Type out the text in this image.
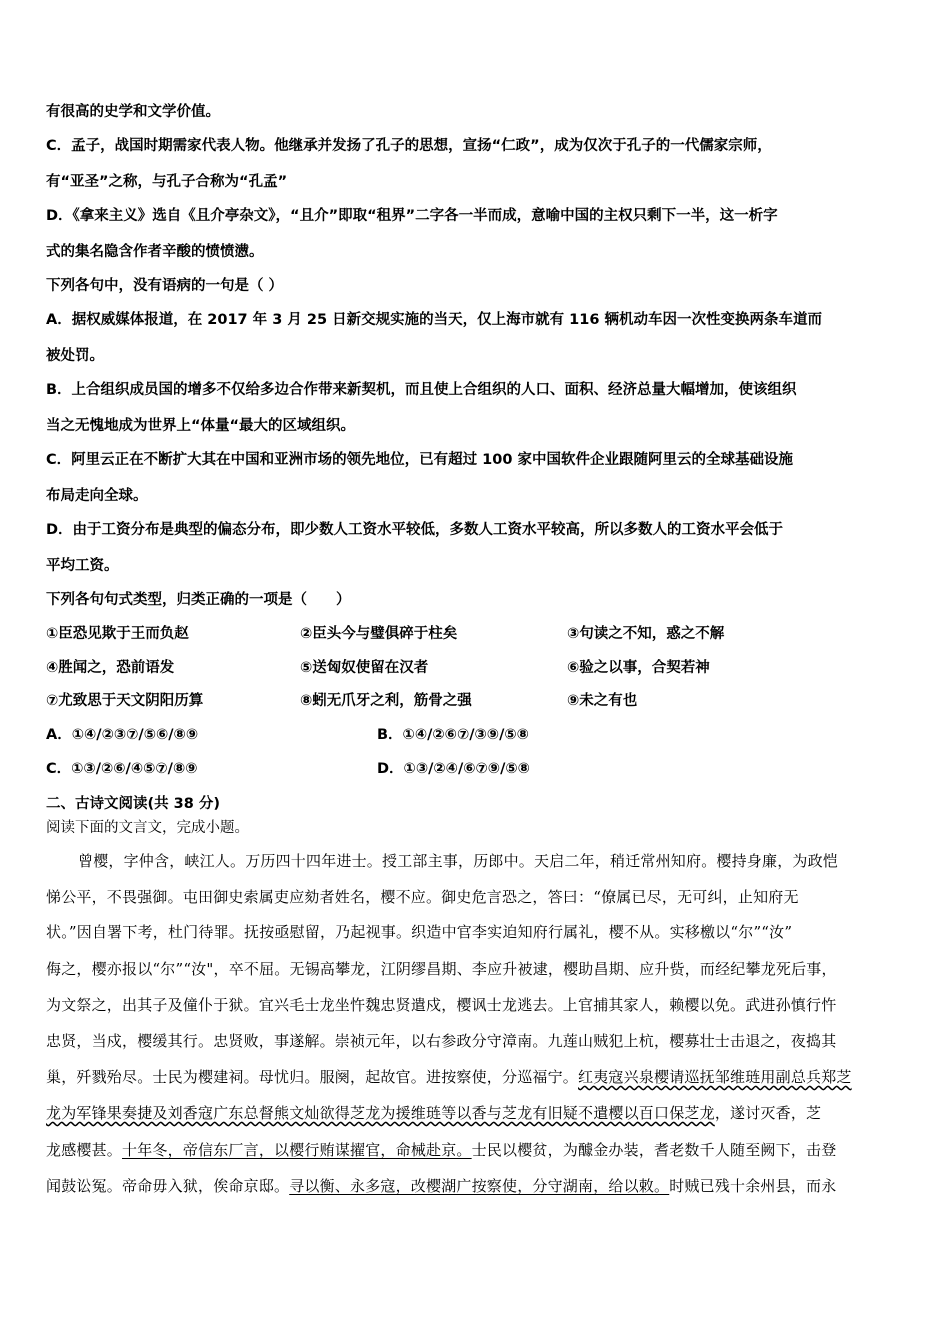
有很高的史学和文学价值。
C．孟子，战国时期需家代表人物。他继承并发扬了孔子的思想，宣扬“仁政”，成为仅次于孔子的一代儒家宗师，
有“亚圣”之称，与孔子合称为“孔孟”
D．《拿来主义》选自《且介亭杂文》，“且介”即取“租界”二字各一半而成，意喻中国的主权只剩下一半，这一析字
式的集名隐含作者辛酸的愤愤懑。
下列各句中，没有语病的一句是（ ）
A．据权威媒体报道，在 2017 年 3 月 25 日新交规实施的当天，仅上海市就有 116 辆机动车因一次性变换两条车道而
被处罚。
B．上合组织成员国的增多不仅给多边合作带来新契机，而且使上合组织的人口、面积、经济总量大幅增加，使该组织
当之无愧地成为世界上“体量“最大的区域组织。
C．阿里云正在不断扩大其在中国和亚洲市场的领先地位，已有超过 100 家中国软件企业跟随阿里云的全球基础设施
布局走向全球。
D．由于工资分布是典型的偏态分布，即少数人工资水平较低，多数人工资水平较高，所以多数人的工资水平会低于
平均工资。
下列各句句式类型，归类正确的一项是（　　）
①臣恐见欺于王而负赵	②臣头今与璧俱碎于柱矣	③句读之不知，惑之不解
④胜闻之，恐前语发	⑤送匈奴使留在汉者	⑥验之以事，合契若神
⑦尤致思于天文阴阳历算	⑧蚓无爪牙之利，筋骨之强	⑨未之有也
A．①④/②③⑦/⑤⑥/⑧⑨	B．①④/②⑥⑦/③⑨/⑤⑧
C．①③/②⑥/④⑤⑦/⑧⑨	D．①③/②④/⑥⑦⑨/⑤⑧
二、古诗文阅读(共 38 分)
阅读下面的文言文，完成小题。
曾樱，字仲含，峡江人。万历四十四年进士。授工部主事，历郎中。天启二年，稍迁常州知府。樱持身廉，为政恺
悌公平，不畏强御。屯田御史索属吏应劾者姓名，樱不应。御史危言恐之，答曰：“僚属已尽，无可纠，止知府无
状。”因自署下考，杜门待罪。抚按亟慰留，乃起视事。织造中官李实迫知府行属礼，樱不从。实移檄以“尔”“汝”
侮之，樱亦报以“尔”“汝"，卒不屈。无锡高攀龙，江阴缪昌期、李应升被逮，樱助昌期、应升赀，而经纪攀龙死后事，
为文祭之，出其子及僮仆于狱。宜兴毛士龙坐忤魏忠贤遣戍，樱讽士龙逃去。上官捕其家人，赖樱以免。武进孙慎行忤
忠贤，当戍，樱缓其行。忠贤败，事遂解。崇祯元年，以右参政分守漳南。九莲山贼犯上杭，樱募壮士击退之，夜捣其
巢，歼戮殆尽。士民为樱建祠。母忧归。服阕，起故官。进按察使，分巡福宁。红夷寇兴泉樱请巡抚邹维琏用副总兵郑芝
龙为军锋果奏捷及刘香寇广东总督熊文灿欲得芝龙为援维琏等以香与芝龙有旧疑不遣樱以百口保芝龙，遂讨灭香，芝
龙感樱甚。十年冬，帝信东厂言，以樱行贿谋擢官，命械赴京。士民以樱贫，为醵金办装，耆老数千人随至阙下，击登
闻鼓讼冤。帝命毋入狱，俟命京邸。寻以衡、永多寇，改樱湖广按察使，分守湖南，给以敕。时贼已残十余州县，而永
